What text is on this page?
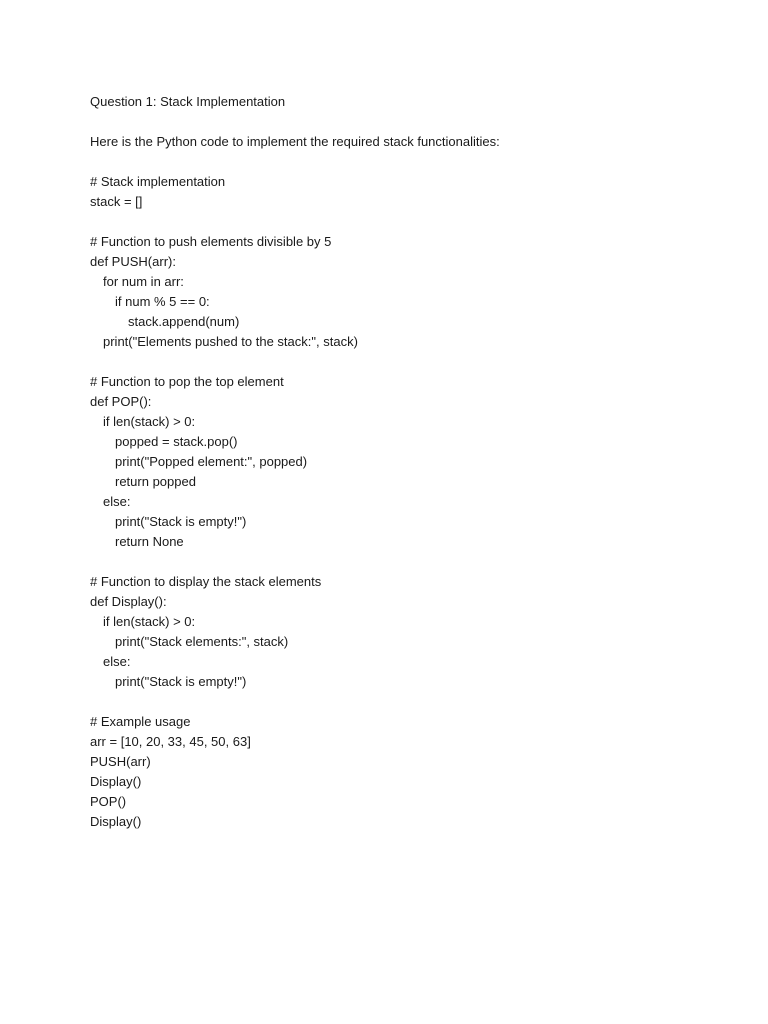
Question 1: Stack Implementation
Here is the Python code to implement the required stack functionalities:
# Stack implementation
stack = []
# Function to push elements divisible by 5
def PUSH(arr):
for num in arr:
if num % 5 == 0:
stack.append(num)
print("Elements pushed to the stack:", stack)
# Function to pop the top element
def POP():
if len(stack) > 0:
popped = stack.pop()
print("Popped element:", popped)
return popped
else:
print("Stack is empty!")
return None
# Function to display the stack elements
def Display():
if len(stack) > 0:
print("Stack elements:", stack)
else:
print("Stack is empty!")
# Example usage
arr = [10, 20, 33, 45, 50, 63]
PUSH(arr)
Display()
POP()
Display()
